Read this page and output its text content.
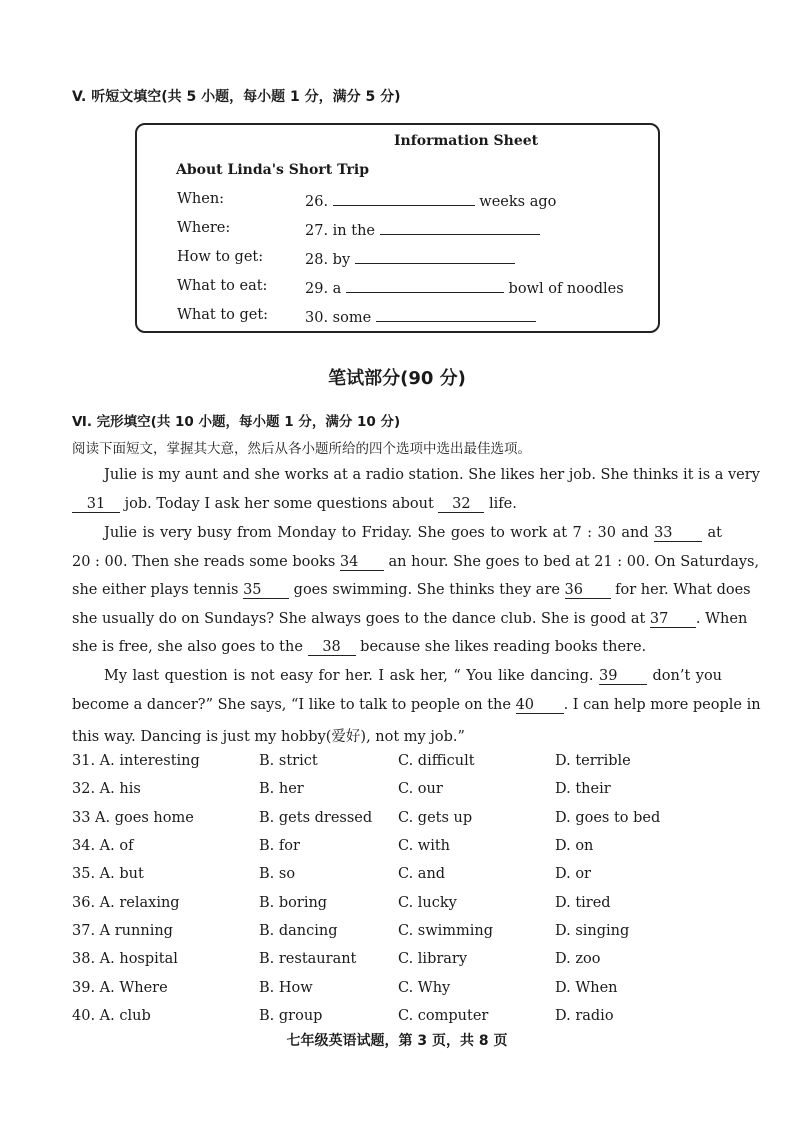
V. 听短文填空(共 5 小题，每小题 1 分，满分 5 分)
Information Sheet
About Linda's Short Trip
When:	26.	weeks ago
Where:	27. in the
How to get:	28. by
What to eat:	29. a	bowl of noodles
What to get:	30. some
笔试部分(90 分)
Ⅵ. 完形填空(共 10 小题，每小题 1 分，满分 10 分)
阅读下面短文，掌握其大意，然后从各小题所给的四个选项中选出最佳选项。
Julie is my aunt and she works at a radio station. She likes her job. She thinks it is a very
31 job. Today I ask her some questions about 32 life.
Julie is very busy from Monday to Friday. She goes to work at 7 : 30 and 33 at
20 : 00. Then she reads some books 34 an hour. She goes to bed at 21 : 00. On Saturdays,
she either plays tennis 35 goes swimming. She thinks they are 36 for her. What does
she usually do on Sundays? She always goes to the dance club. She is good at 37 . When
she is free, she also goes to the 38 because she likes reading books there.
My last question is not easy for her. I ask her, “ You like dancing. 39 don’t you
become a dancer?” She says, “I like to talk to people on the 40 . I can help more people in
this way. Dancing is just my hobby(爱好), not my job.”
31. A. interesting	B. strict	C. difficult	D. terrible
32. A. his	B. her	C. our	D. their
33 A. goes home	B. gets dressed C. gets up	D. goes to bed
34. A. of	B. for	C. with	D. on
35. A. but	B. so	C. and	D. or
36. A. relaxing	B. boring	C. lucky	D. tired
37. A running	B. dancing	C. swimming	D. singing
38. A. hospital	B. restaurant	C. library	D. zoo
39. A. Where	B. How	C. Why	D. When
40. A. club	B. group	C. computer	D. radio
七年级英语试题，第 3 页，共 8 页
